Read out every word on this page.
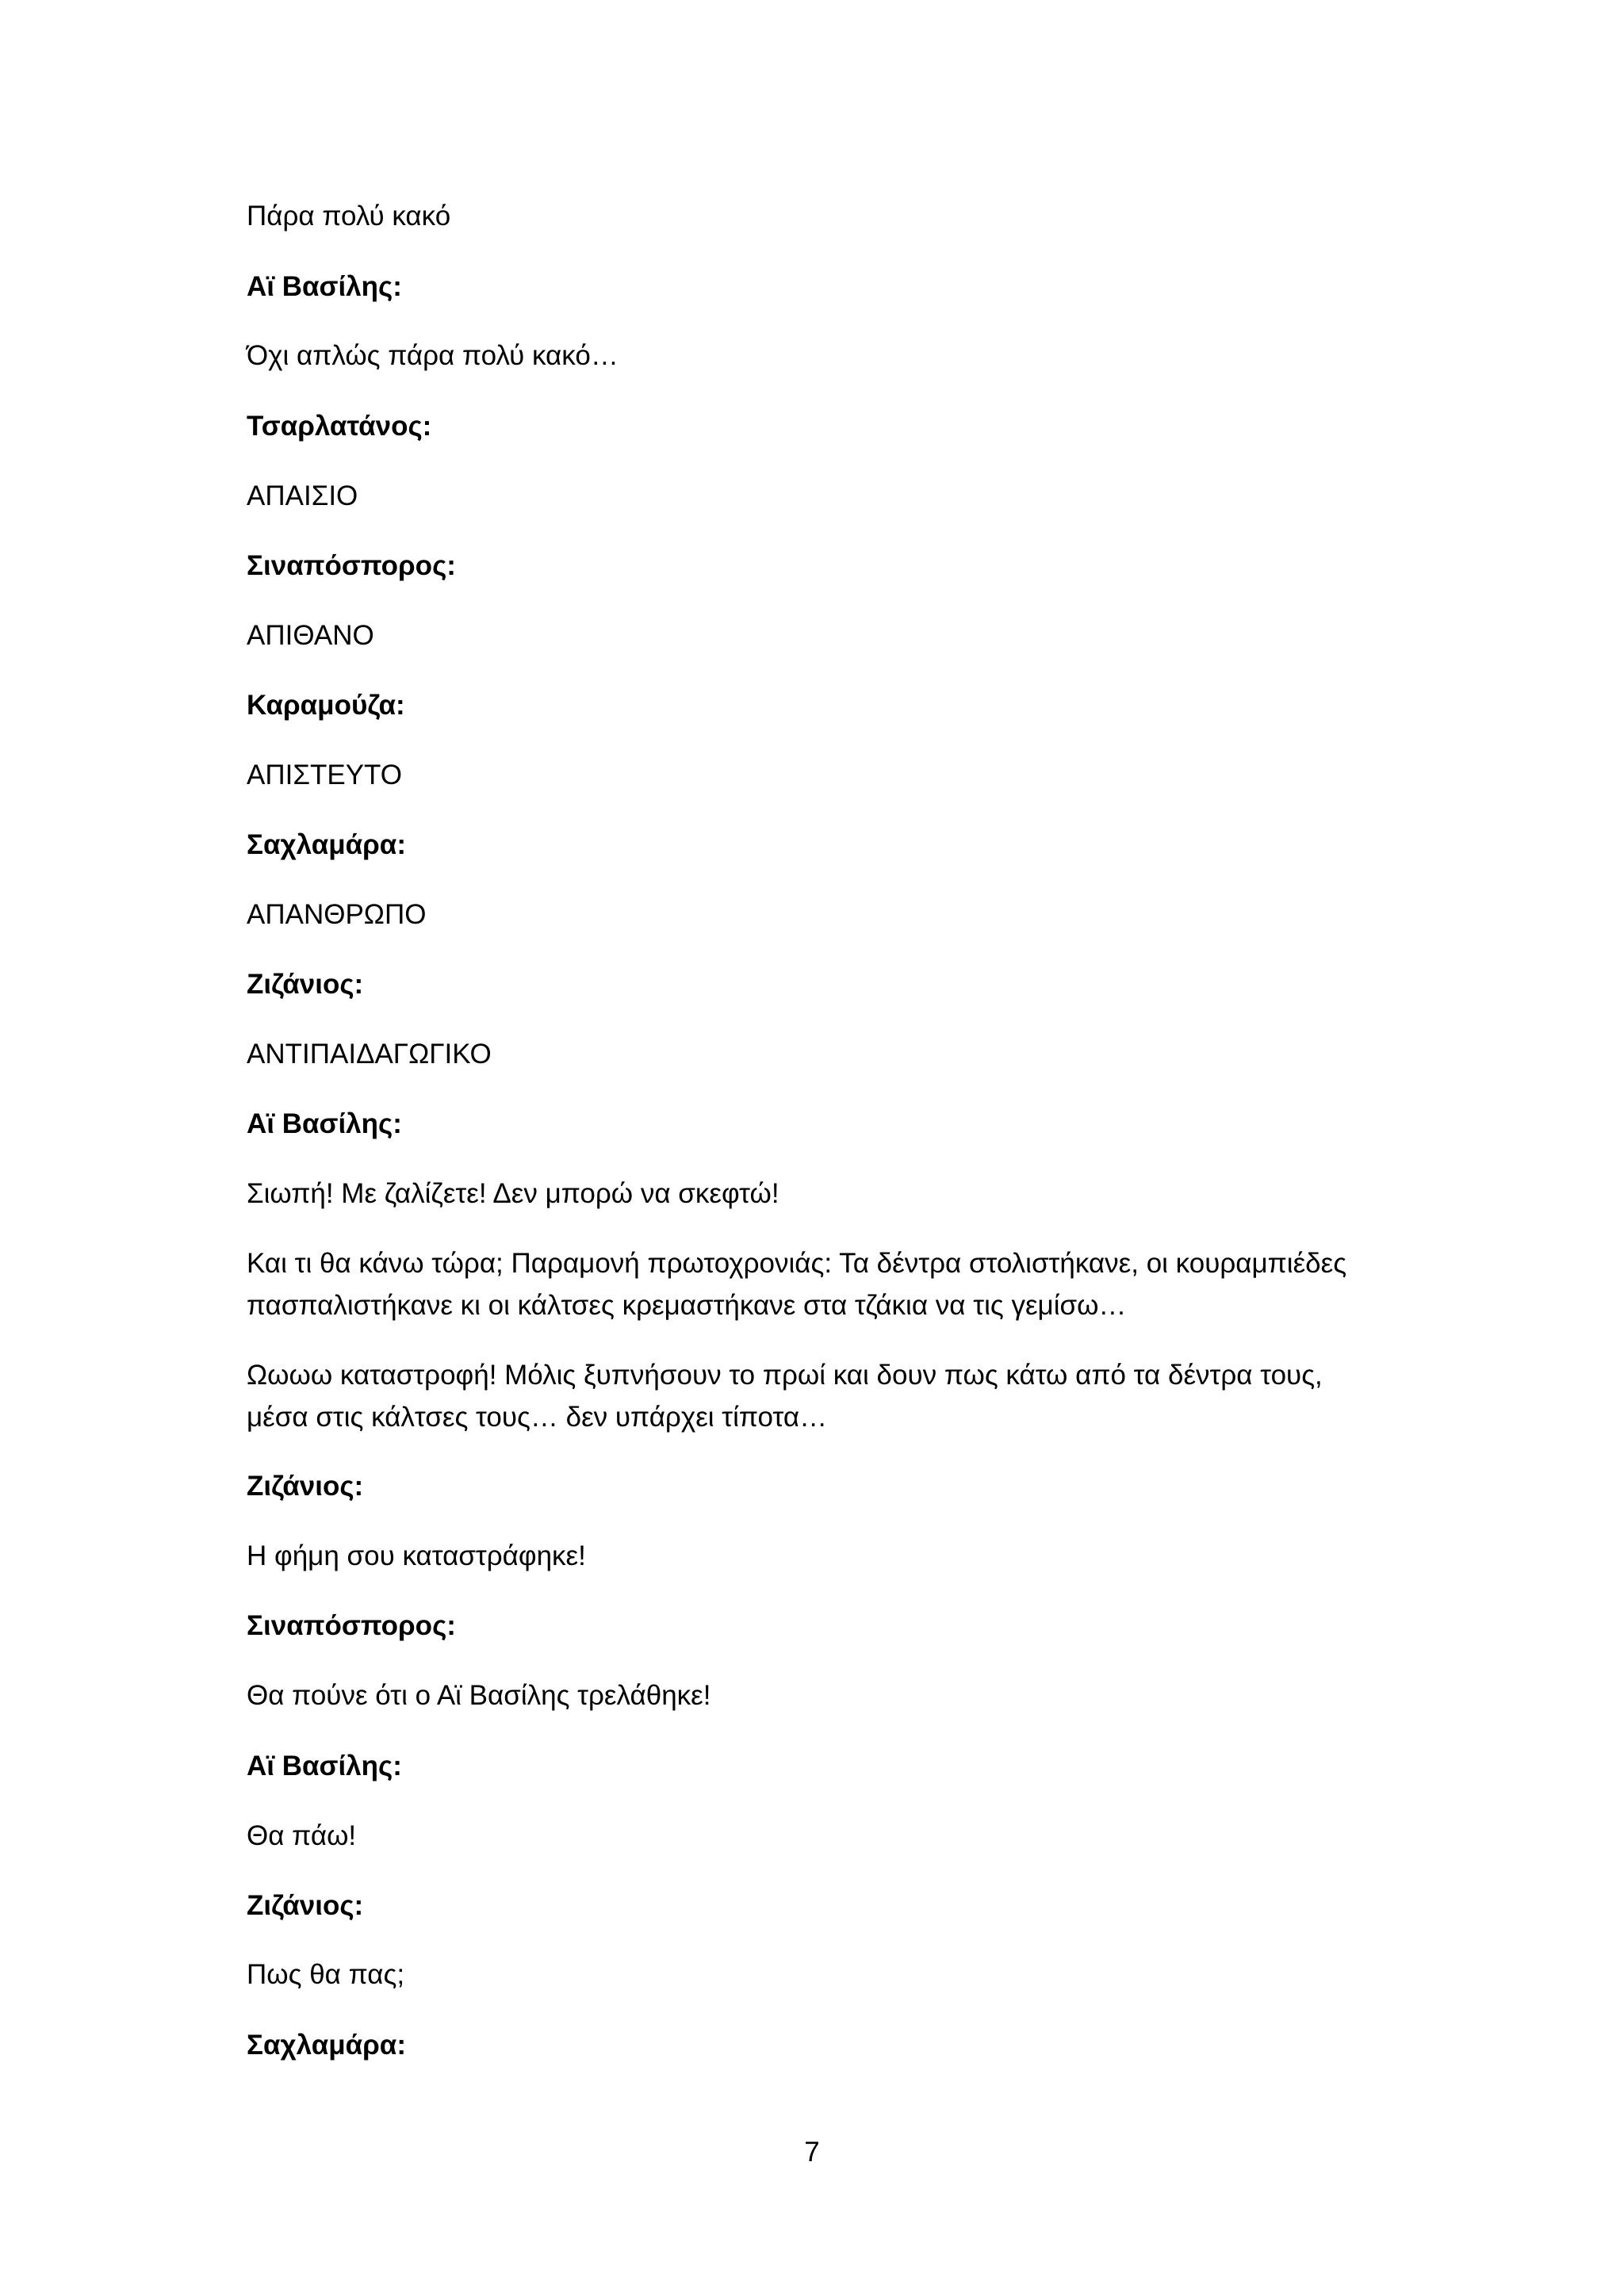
Πάρα πολύ κακό
Αϊ Βασίλης:
Όχι απλώς πάρα πολύ κακό…
Τσαρλατάνος:
ΑΠΑΙΣΙΟ
Σιναπόσπορος:
ΑΠΙΘΑΝΟ
Καραμούζα:
ΑΠΙΣΤΕΥΤΟ
Σαχλαμάρα:
ΑΠΑΝΘΡΩΠΟ
Ζιζάνιος:
ΑΝΤΙΠΑΙΔΑΓΩΓΙΚΟ
Αϊ Βασίλης:
Σιωπή! Με ζαλίζετε! Δεν μπορώ να σκεφτώ!
Και τι θα κάνω τώρα; Παραμονή πρωτοχρονιάς: Τα δέντρα στολιστήκανε, οι κουραμπιέδες
πασπαλιστήκανε κι οι κάλτσες κρεμαστήκανε στα τζάκια να τις γεμίσω…
Ωωωω καταστροφή! Μόλις ξυπνήσουν το πρωί και δουν πως κάτω από τα δέντρα τους,
μέσα στις κάλτσες τους… δεν υπάρχει τίποτα…
Ζιζάνιος:
Η φήμη σου καταστράφηκε!
Σιναπόσπορος:
Θα πούνε ότι ο Αϊ Βασίλης τρελάθηκε!
Αϊ Βασίλης:
Θα πάω!
Ζιζάνιος:
Πως θα πας;
Σαχλαμάρα:
7
